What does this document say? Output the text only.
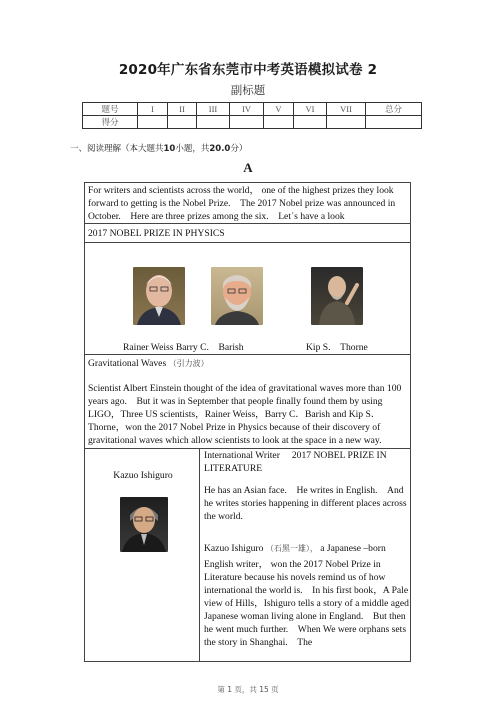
2020年广东省东莞市中考英语模拟试卷 2
副标题
题号	I	II	III	IV	V	VI	VII	总分
得分								
一、阅读理解（本大题共10小题，共20.0分）
A
For writers and scientists across the world， one of the highest prizes they look forward to getting is the Nobel Prize.　The 2017 Nobel prize was announced in October.　Here are three prizes among the six.　Let΄s have a look
2017 NOBEL PRIZE IN PHYSICS
Rainer Weiss Barry C.　Barish	Kip S.　Thorne
Gravitational Waves （引力波）
Scientist Albert Einstein thought of the idea of gravitational waves more than 100 years ago.　But it was in September that people finally found them by using LIGO，Three US scientists，Rainer Weiss，Barry C．Barish and Kip S．Thorne，won the 2017 Nobel Prize in Physics because of their discovery of gravitational waves which allow scientists to look at the space in a new way.
Kazuo Ishiguro
International Writer　 2017 NOBEL PRIZE IN LITERATURE
He has an Asian face.　He writes in English.　And he writes stories happening in different places across the world.
Kazuo Ishiguro （石黑一雄）， a Japanese –born
English writer， won the 2017 Nobel Prize in Literature because his novels remind us of how international the world is.　In his first book，A Pale view of Hills，Ishiguro tells a story of a middle aged Japanese woman living alone in England.　But then he went much further.　When We were orphans sets the story in Shanghai.　The
第 1 页，共 15 页
